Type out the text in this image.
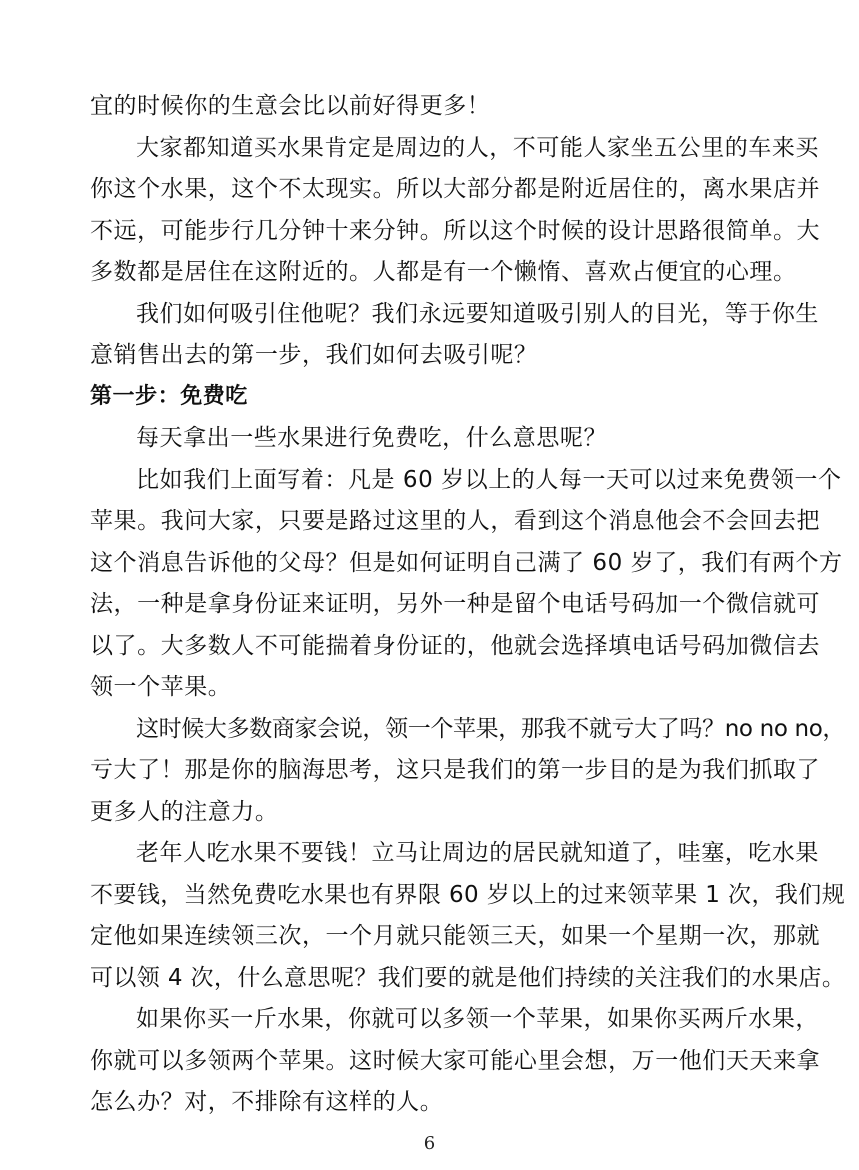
宜的时候你的生意会比以前好得更多！
大家都知道买水果肯定是周边的人，不可能人家坐五公里的车来买
你这个水果，这个不太现实。所以大部分都是附近居住的，离水果店并
不远，可能步行几分钟十来分钟。所以这个时候的设计思路很简单。大
多数都是居住在这附近的。人都是有一个懒惰、喜欢占便宜的心理。
我们如何吸引住他呢？我们永远要知道吸引别人的目光，等于你生
意销售出去的第一步，我们如何去吸引呢？
第一步：免费吃
每天拿出一些水果进行免费吃，什么意思呢？
比如我们上面写着：凡是 60 岁以上的人每一天可以过来免费领一个
苹果。我问大家，只要是路过这里的人，看到这个消息他会不会回去把
这个消息告诉他的父母？但是如何证明自己满了 60 岁了，我们有两个方
法，一种是拿身份证来证明，另外一种是留个电话号码加一个微信就可
以了。大多数人不可能揣着身份证的，他就会选择填电话号码加微信去
领一个苹果。
这时候大多数商家会说，领一个苹果，那我不就亏大了吗？no no no，
亏大了！那是你的脑海思考，这只是我们的第一步目的是为我们抓取了
更多人的注意力。
老年人吃水果不要钱！立马让周边的居民就知道了，哇塞，吃水果
不要钱，当然免费吃水果也有界限 60 岁以上的过来领苹果 1 次，我们规
定他如果连续领三次，一个月就只能领三天，如果一个星期一次，那就
可以领 4 次，什么意思呢？我们要的就是他们持续的关注我们的水果店。
如果你买一斤水果，你就可以多领一个苹果，如果你买两斤水果，
你就可以多领两个苹果。这时候大家可能心里会想，万一他们天天来拿
6
怎么办？对，不排除有这样的人。
